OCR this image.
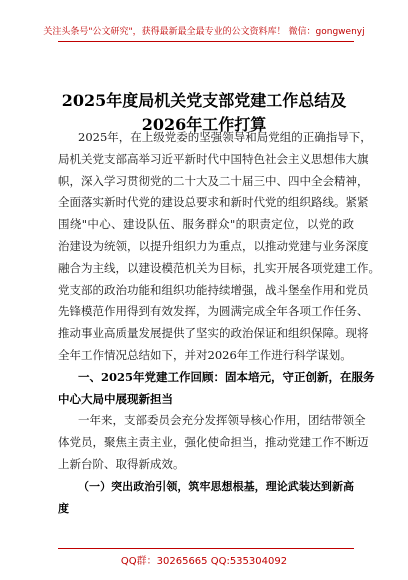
关注头条号"公文研究"，获得最新最全最专业的公文资料库！ 微信：gongwenyj
2025年度局机关党支部党建工作总结及
2026年工作打算
2025年，在上级党委的坚强领导和局党组的正确指导下，
局机关党支部高举习近平新时代中国特色社会主义思想伟大旗
帜，深入学习贯彻党的二十大及二十届三中、四中全会精神，
全面落实新时代党的建设总要求和新时代党的组织路线。紧紧
围绕"中心、建设队伍、服务群众"的职责定位，以党的政
治建设为统领，以提升组织力为重点，以推动党建与业务深度
融合为主线，以建设模范机关为目标，扎实开展各项党建工作。
党支部的政治功能和组织功能持续增强，战斗堡垒作用和党员
先锋模范作用得到有效发挥，为圆满完成全年各项工作任务、
推动事业高质量发展提供了坚实的政治保证和组织保障。现将
全年工作情况总结如下，并对2026年工作进行科学谋划。
一、2025年党建工作回顾：固本培元，守正创新，在服务
中心大局中展现新担当
一年来，支部委员会充分发挥领导核心作用，团结带领全
体党员，聚焦主责主业，强化使命担当，推动党建工作不断迈
上新台阶、取得新成效。
（一）突出政治引领，筑牢思想根基，理论武装达到新高
度
QQ群：30265665 QQ:535304092
